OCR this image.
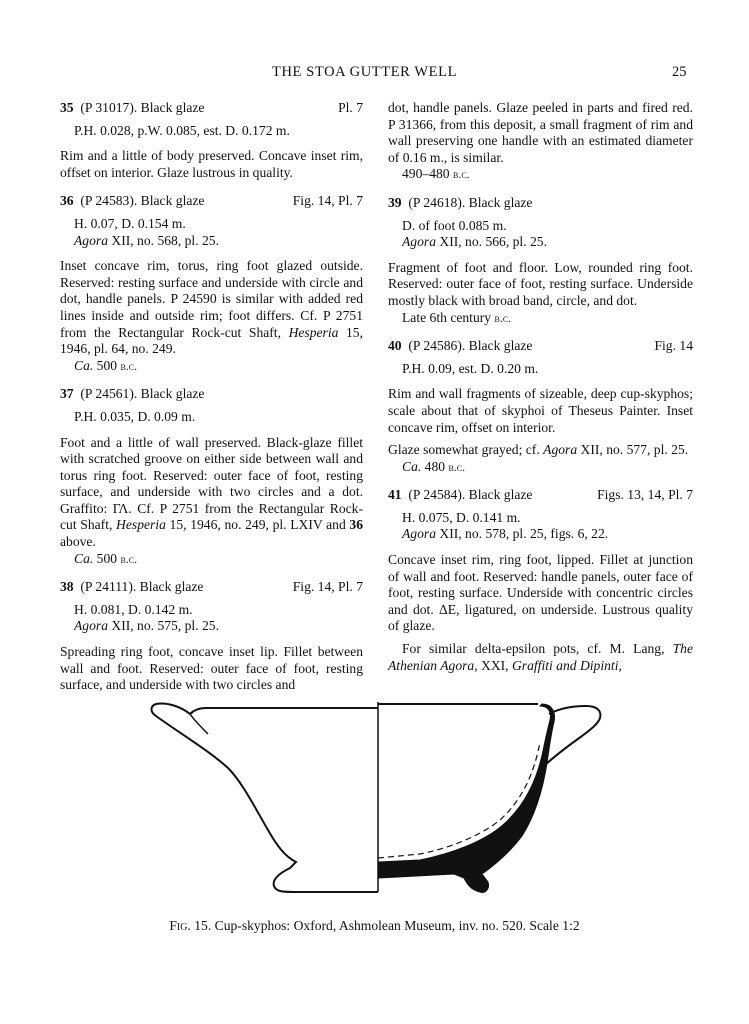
THE STOA GUTTER WELL	25
35 (P 31017). Black glaze	Pl. 7
P.H. 0.028, p.W. 0.085, est. D. 0.172 m.

Rim and a little of body preserved. Concave inset rim, offset on interior. Glaze lustrous in quality.

36 (P 24583). Black glaze	Fig. 14, Pl. 7
H. 0.07, D. 0.154 m.
Agora XII, no. 568, pl. 25.

Inset concave rim, torus, ring foot glazed outside. Reserved: resting surface and underside with circle and dot, handle panels. P 24590 is similar with added red lines inside and outside rim; foot differs. Cf. P 2751 from the Rectangular Rock-cut Shaft, Hesperia 15, 1946, pl. 64, no. 249.

Ca. 500 b.c.
37 (P 24561). Black glaze
P.H. 0.035, D. 0.09 m.

Foot and a little of wall preserved. Black-glaze fillet with scratched groove on either side between wall and torus ring foot. Reserved: outer face of foot, resting surface, and underside with two circles and a dot. Graffito: ΓΛ. Cf. P 2751 from the Rectangular Rock-cut Shaft, Hesperia 15, 1946, no. 249, pl. LXIV and 36 above.

Ca. 500 b.c.
38 (P 24111). Black glaze	Fig. 14, Pl. 7
H. 0.081, D. 0.142 m.
Agora XII, no. 575, pl. 25.

Spreading ring foot, concave inset lip. Fillet between wall and foot. Reserved: outer face of foot, resting surface, and underside with two circles and

dot, handle panels. Glaze peeled in parts and fired red. P 31366, from this deposit, a small fragment of rim and wall preserving one handle with an estimated diameter of 0.16 m., is similar.

490–480 b.c.
39 (P 24618). Black glaze
D. of foot 0.085 m.
Agora XII, no. 566, pl. 25.

Fragment of foot and floor. Low, rounded ring foot. Reserved: outer face of foot, resting surface. Underside mostly black with broad band, circle, and dot.

Late 6th century b.c.
40 (P 24586). Black glaze	Fig. 14
P.H. 0.09, est. D. 0.20 m.

Rim and wall fragments of sizeable, deep cup-skyphos; scale about that of skyphoi of Theseus Painter. Inset concave rim, offset on interior.

Glaze somewhat grayed; cf. Agora XII, no. 577, pl. 25.

Ca. 480 b.c.
41 (P 24584). Black glaze	Figs. 13, 14, Pl. 7
H. 0.075, D. 0.141 m.
Agora XII, no. 578, pl. 25, figs. 6, 22.

Concave inset rim, ring foot, lipped. Fillet at junction of wall and foot. Reserved: handle panels, outer face of foot, resting surface. Underside with concentric circles and dot. ΔE, ligatured, on underside. Lustrous quality of glaze.

For similar delta-epsilon pots, cf. M. Lang, The Athenian Agora, XXI, Graffiti and Dipinti,

Fig. 15. Cup-skyphos: Oxford, Ashmolean Museum, inv. no. 520. Scale 1:2
